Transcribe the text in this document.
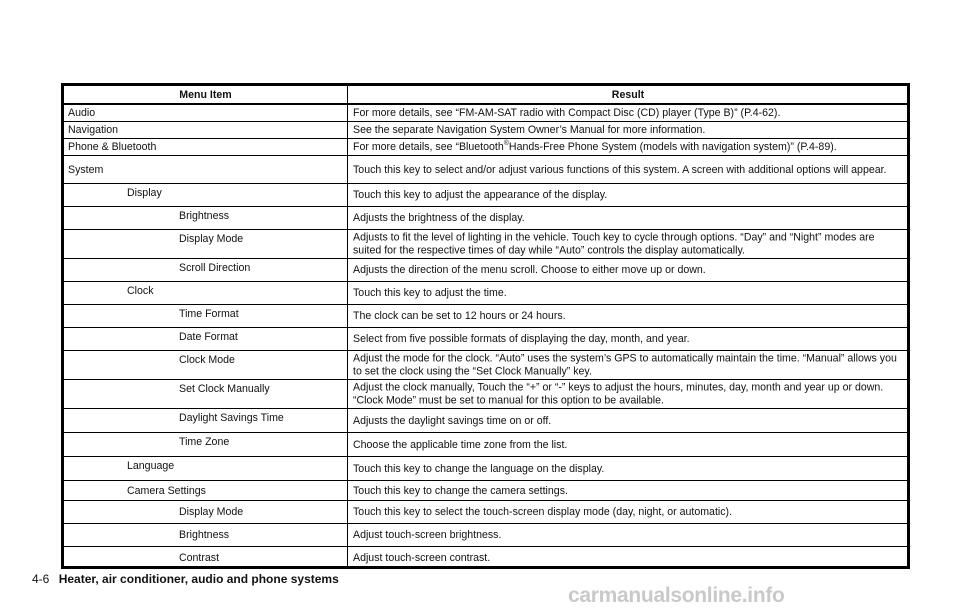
Menu Item	Result
Audio	For more details, see “FM-AM-SAT radio with Compact Disc (CD) player (Type B)” (P.4-62).
Navigation	See the separate Navigation System Owner’s Manual for more information.
Phone & Bluetooth	For more details, see “Bluetooth®Hands-Free Phone System (models with navigation system)” (P.4-89).
System	Touch this key to select and/or adjust various functions of this system. A screen with additional options will appear.
Display	Touch this key to adjust the appearance of the display.
Brightness	Adjusts the brightness of the display.
Display Mode	Adjusts to fit the level of lighting in the vehicle. Touch key to cycle through options. “Day” and “Night” modes are suited for the respective times of day while “Auto” controls the display automatically.
Scroll Direction	Adjusts the direction of the menu scroll. Choose to either move up or down.
Clock	Touch this key to adjust the time.
Time Format	The clock can be set to 12 hours or 24 hours.
Date Format	Select from five possible formats of displaying the day, month, and year.
Clock Mode	Adjust the mode for the clock. “Auto” uses the system’s GPS to automatically maintain the time. “Manual” allows you to set the clock using the “Set Clock Manually” key.
Set Clock Manually	Adjust the clock manually, Touch the “+” or “-” keys to adjust the hours, minutes, day, month and year up or down. “Clock Mode” must be set to manual for this option to be available.
Daylight Savings Time	Adjusts the daylight savings time on or off.
Time Zone	Choose the applicable time zone from the list.
Language	Touch this key to change the language on the display.
Camera Settings	Touch this key to change the camera settings.
Display Mode	Touch this key to select the touch-screen display mode (day, night, or automatic).
Brightness	Adjust touch-screen brightness.
Contrast	Adjust touch-screen contrast.
4-6 Heater, air conditioner, audio and phone systems
carmanualsonline.info
